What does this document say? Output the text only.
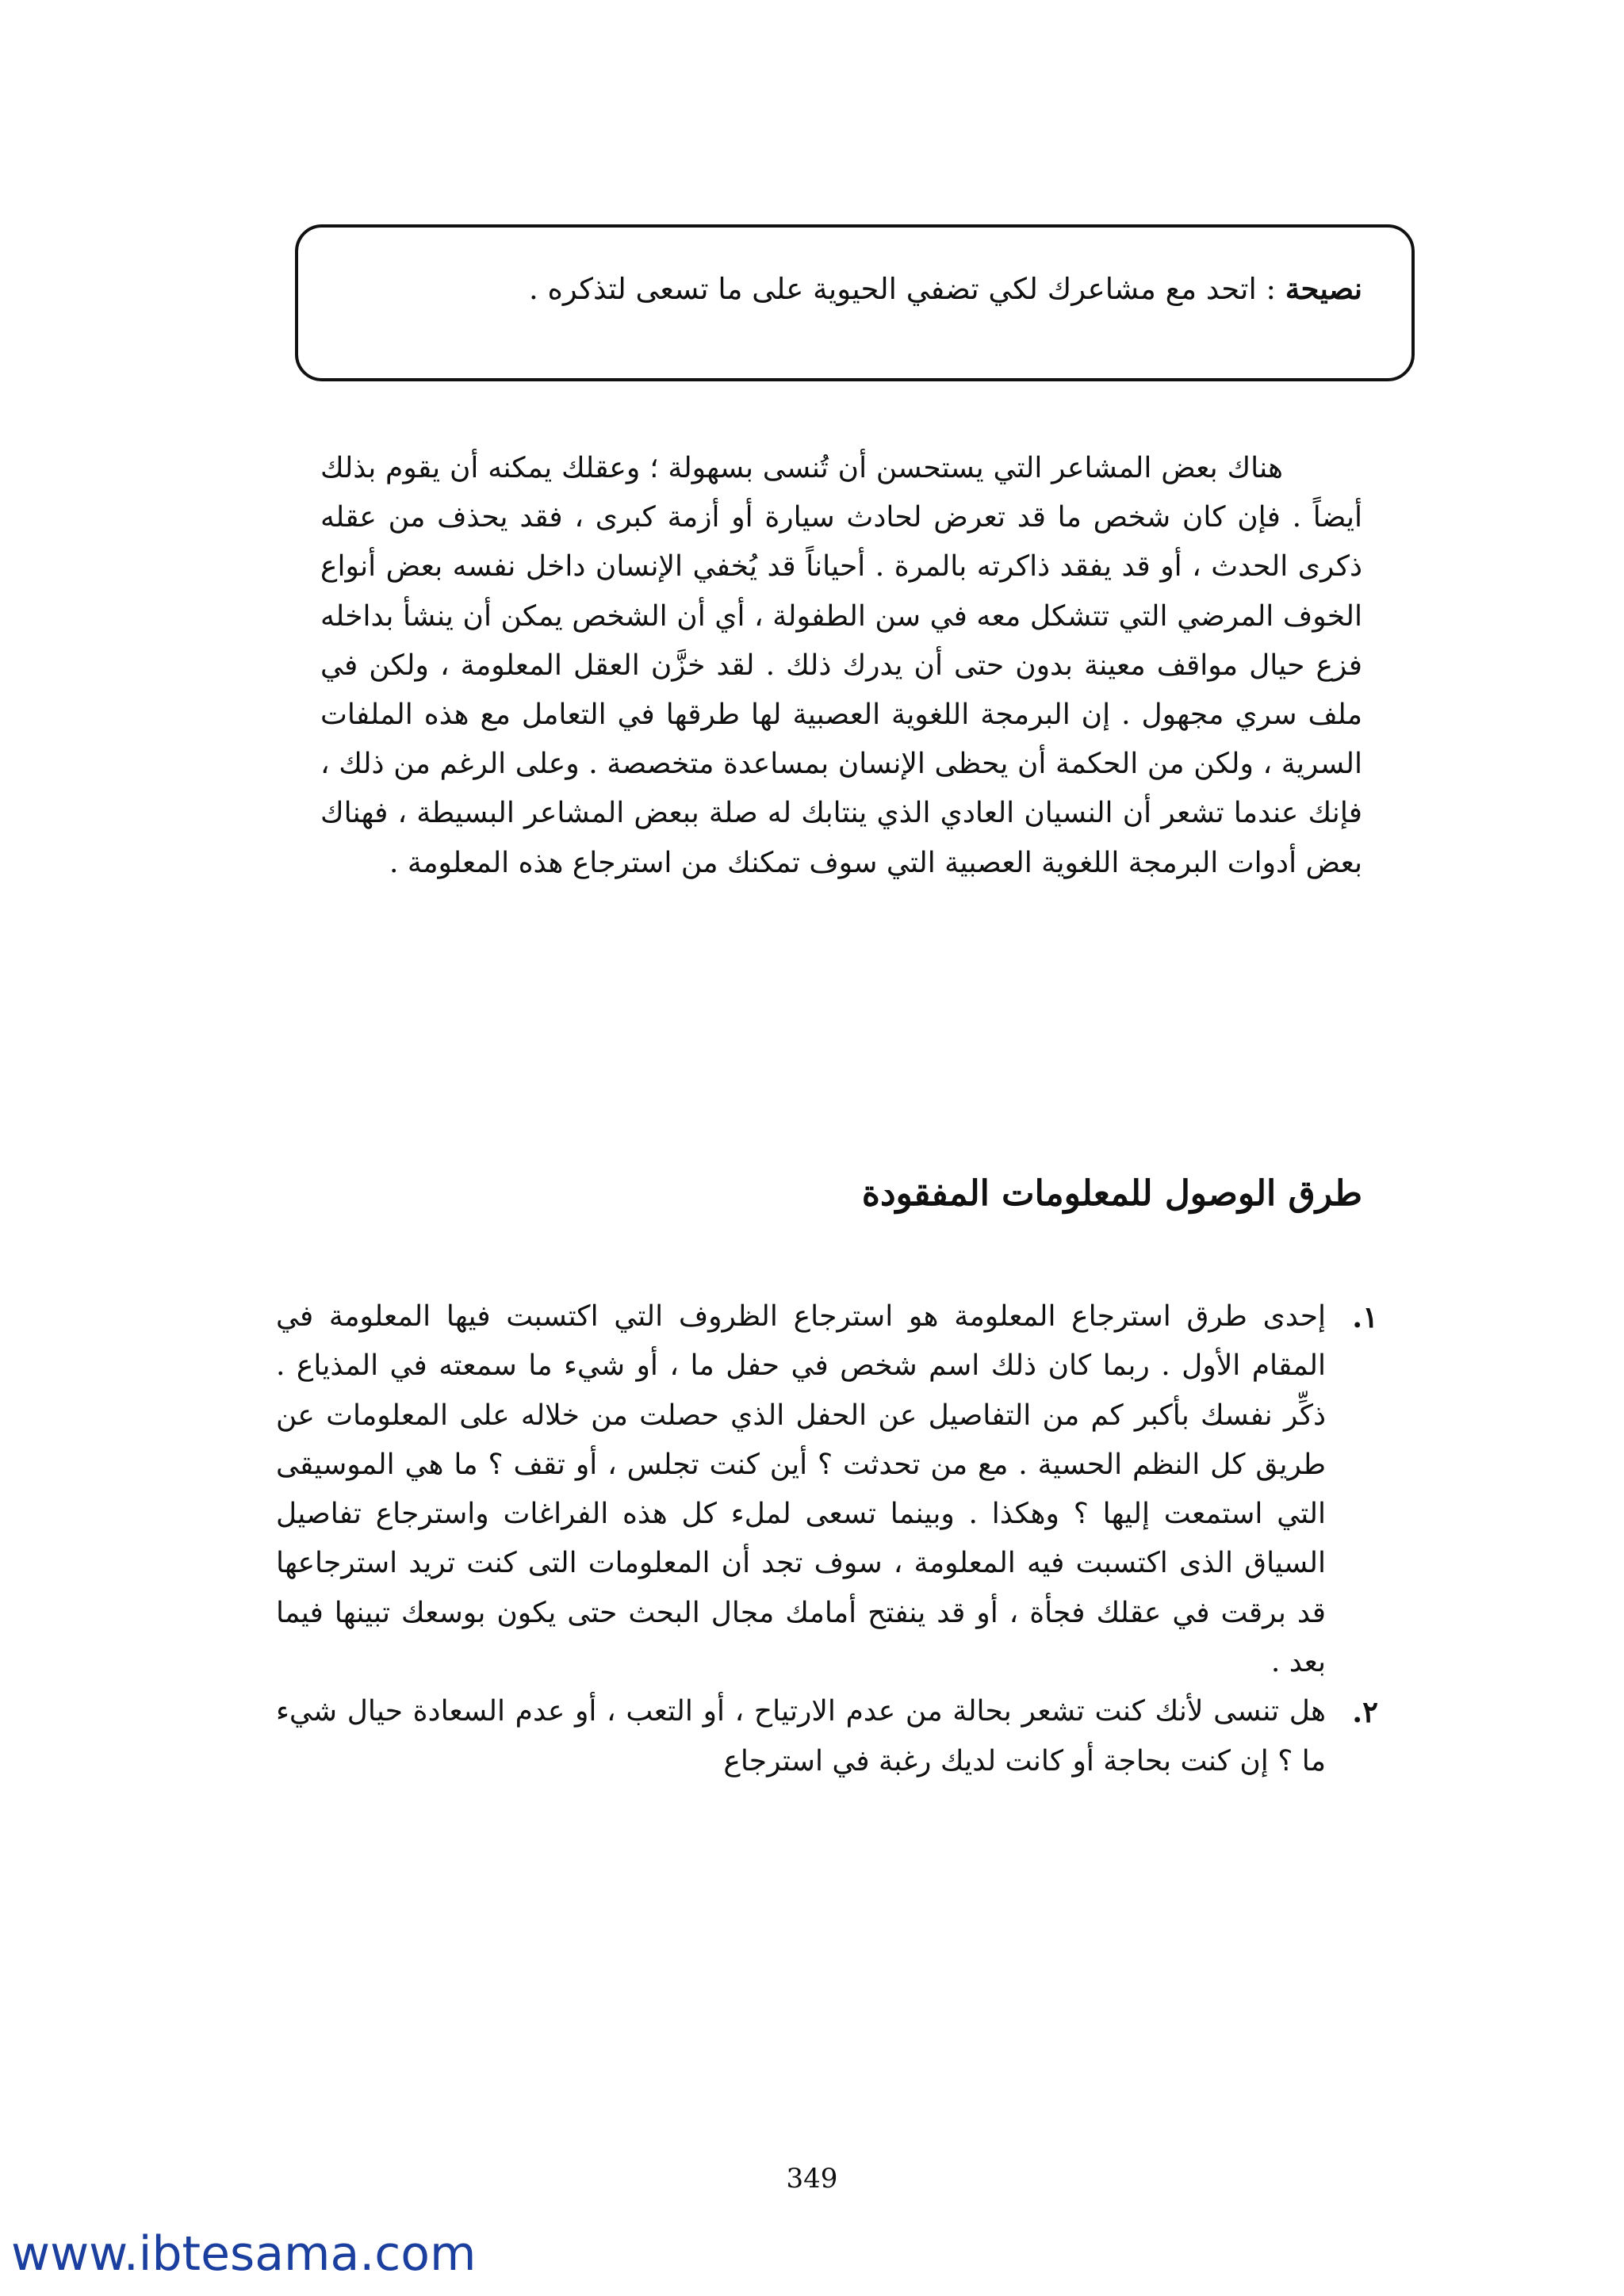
نصيحة : اتحد مع مشاعرك لكي تضفي الحيوية على ما تسعى لتذكره .

هناك بعض المشاعر التي يستحسن أن تُنسى بسهولة ؛ وعقلك يمكنه أن يقوم بذلك أيضاً . فإن كان شخص ما قد تعرض لحادث سيارة أو أزمة كبرى ، فقد يحذف من عقله ذكرى الحدث ، أو قد يفقد ذاكرته بالمرة . أحياناً قد يُخفي الإنسان داخل نفسه بعض أنواع الخوف المرضي التي تتشكل معه في سن الطفولة ، أي أن الشخص يمكن أن ينشأ بداخله فزع حيال مواقف معينة بدون حتى أن يدرك ذلك . لقد خزَّن العقل المعلومة ، ولكن في ملف سري مجهول . إن البرمجة اللغوية العصبية لها طرقها في التعامل مع هذه الملفات السرية ، ولكن من الحكمة أن يحظى الإنسان بمساعدة متخصصة . وعلى الرغم من ذلك ، فإنك عندما تشعر أن النسيان العادي الذي ينتابك له صلة ببعض المشاعر البسيطة ، فهناك بعض أدوات البرمجة اللغوية العصبية التي سوف تمكنك من استرجاع هذه المعلومة .

طرق الوصول للمعلومات المفقودة
١.

إحدى طرق استرجاع المعلومة هو استرجاع الظروف التي اكتسبت فيها المعلومة في المقام الأول . ربما كان ذلك اسم شخص في حفل ما ، أو شيء ما سمعته في المذياع . ذكِّر نفسك بأكبر كم من التفاصيل عن الحفل الذي حصلت من خلاله على المعلومات عن طريق كل النظم الحسية . مع من تحدثت ؟ أين كنت تجلس ، أو تقف ؟ ما هي الموسيقى التي استمعت إليها ؟ وهكذا . وبينما تسعى لملء كل هذه الفراغات واسترجاع تفاصيل السياق الذى اكتسبت فيه المعلومة ، سوف تجد أن المعلومات التى كنت تريد استرجاعها قد برقت في عقلك فجأة ، أو قد ينفتح أمامك مجال البحث حتى يكون بوسعك تبينها فيما بعد .

٢.

هل تنسى لأنك كنت تشعر بحالة من عدم الارتياح ، أو التعب ، أو عدم السعادة حيال شيء ما ؟ إن كنت بحاجة أو كانت لديك رغبة في استرجاع

349
www.ibtesama.com
